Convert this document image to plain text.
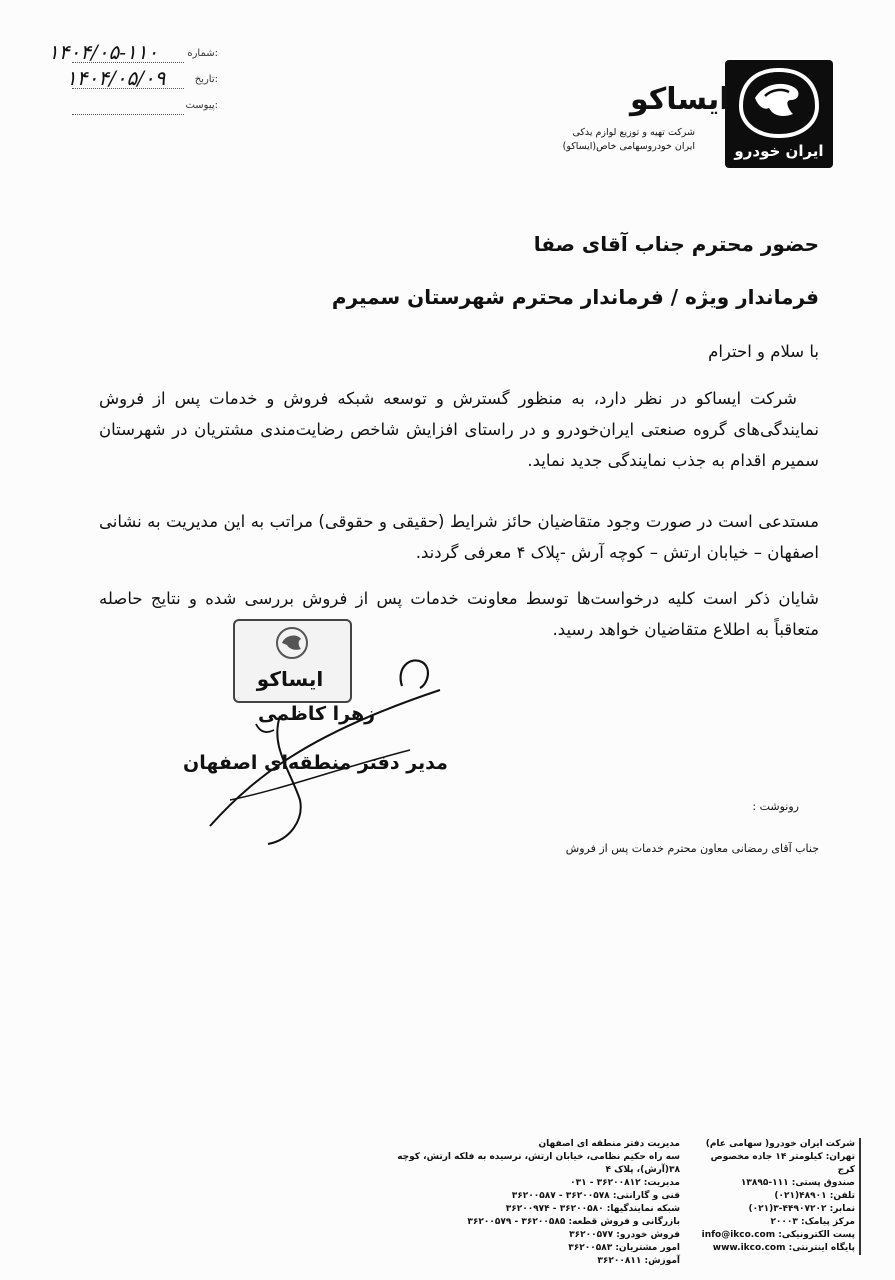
۱۴۰۴/۰۵-۱۱۰	شماره:
۱۴۰۴/۰۵/۰۹	تاریخ:
پیوست:
ایران خودرو
ایساکو
شرکت تهیه و توزیع لوازم یدکی
ایران خودروسهامی خاص(ایساکو)
حضور محترم جناب آقای صفا
فرماندار ویژه / فرماندار محترم شهرستان سمیرم
با سلام و احترام
شرکت ایساکو در نظر دارد، به منظور گسترش و توسعه شبکه فروش و خدمات پس از فروش نمایندگی‌های گروه صنعتی ایران‌خودرو و در راستای افزایش شاخص رضایت‌مندی مشتریان در شهرستان سمیرم اقدام به جذب نمایندگی جدید نماید.
مستدعی است در صورت وجود متقاضیان حائز شرایط (حقیقی و حقوقی) مراتب به این مدیریت به نشانی اصفهان – خیابان ارتش – کوچه آرش -پلاک ۴ معرفی گردند.
شایان ذکر است کلیه درخواست‌ها توسط معاونت خدمات پس از فروش بررسی شده و نتایج حاصله متعاقباً به اطلاع متقاضیان خواهد رسید.
ایساکو
زهرا کاظمی
مدیر دفتر منطقه‌ای اصفهان
رونوشت :
جناب آقای رمضانی معاون محترم خدمات پس از فروش
شرکت ایران خودرو( سهامی عام)
تهران: کیلومتر ۱۴ جاده مخصوص کرج
صندوق پستی: ۱۱۱-۱۳۸۹۵
تلفن: ۴۸۹۰۱(۰۲۱)
نمابر: ۴۴۹۰۷۲۰۲-۳(۰۲۱)
مرکز پیامک: ۲۰۰۰۳
پست الکترونیکی: info@ikco.com
پایگاه اینترنتی: www.ikco.com
مدیریت دفتر منطقه ای اصفهان
سه راه حکیم نظامی، خیابان ارتش، نرسیده به فلکه ارتش، کوچه ۳۸(آرش)، پلاک ۴
مدیریت: ۳۶۲۰۰۸۱۲ - ۰۳۱
فنی و گارانتی: ۳۶۲۰۰۵۷۸ - ۳۶۲۰۰۵۸۷
شبکه نمایندگیها: ۳۶۲۰۰۵۸۰ - ۳۶۲۰۰۹۷۴
بازرگانی و فروش قطعه: ۳۶۲۰۰۵۸۵ - ۳۶۲۰۰۵۷۹
فروش خودرو: ۳۶۲۰۰۵۷۷
امور مشتریان: ۳۶۲۰۰۵۸۳
آموزش: ۳۶۲۰۰۸۱۱
